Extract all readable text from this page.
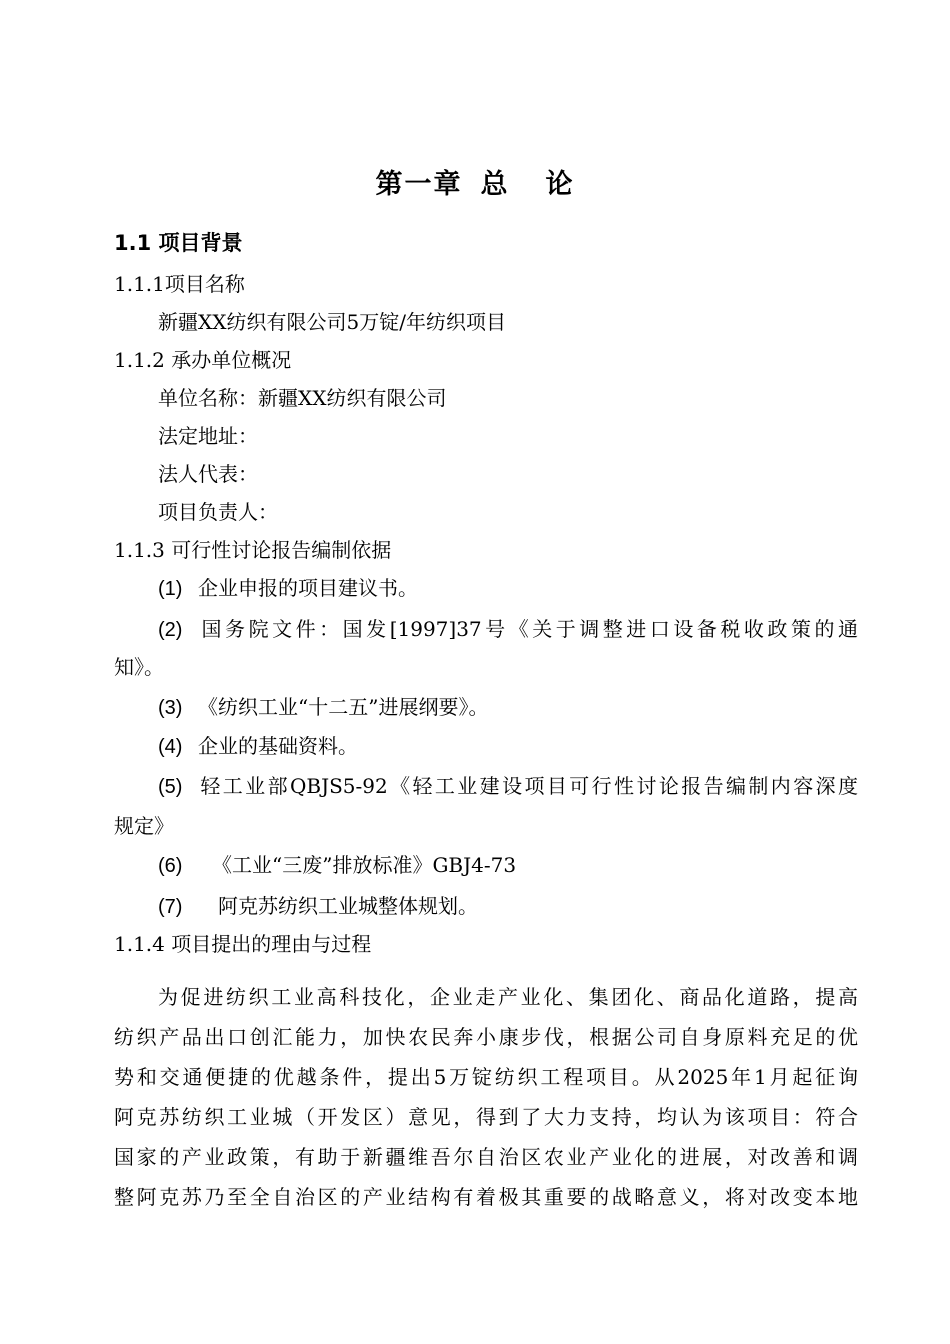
第一章 总 论
1.1 项目背景
1.1.1项目名称
新疆XX纺织有限公司5万锭/年纺织项目
1.1.2 承办单位概况
单位名称：新疆XX纺织有限公司
法定地址：
法人代表：
项目负责人：
1.1.3 可行性讨论报告编制依据
(1) 企业申报的项目建议书。
(2) 国务院文件：国发[1997]37号《关于调整进口设备税收政策的通
知》。
(3) 《纺织工业“十二五”进展纲要》。
(4) 企业的基础资料。
(5) 轻工业部QBJS5-92《轻工业建设项目可行性讨论报告编制内容深度
规定》
(6) 《工业“三废”排放标准》GBJ4-73
(7) 阿克苏纺织工业城整体规划。
1.1.4 项目提出的理由与过程
为促进纺织工业高科技化，企业走产业化、集团化、商品化道路，提高
纺织产品出口创汇能力，加快农民奔小康步伐，根据公司自身原料充足的优
势和交通便捷的优越条件，提出5万锭纺织工程项目。从2025年1月起征询
阿克苏纺织工业城（开发区）意见，得到了大力支持，均认为该项目：符合
国家的产业政策，有助于新疆维吾尔自治区农业产业化的进展，对改善和调
整阿克苏乃至全自治区的产业结构有着极其重要的战略意义，将对改变本地
